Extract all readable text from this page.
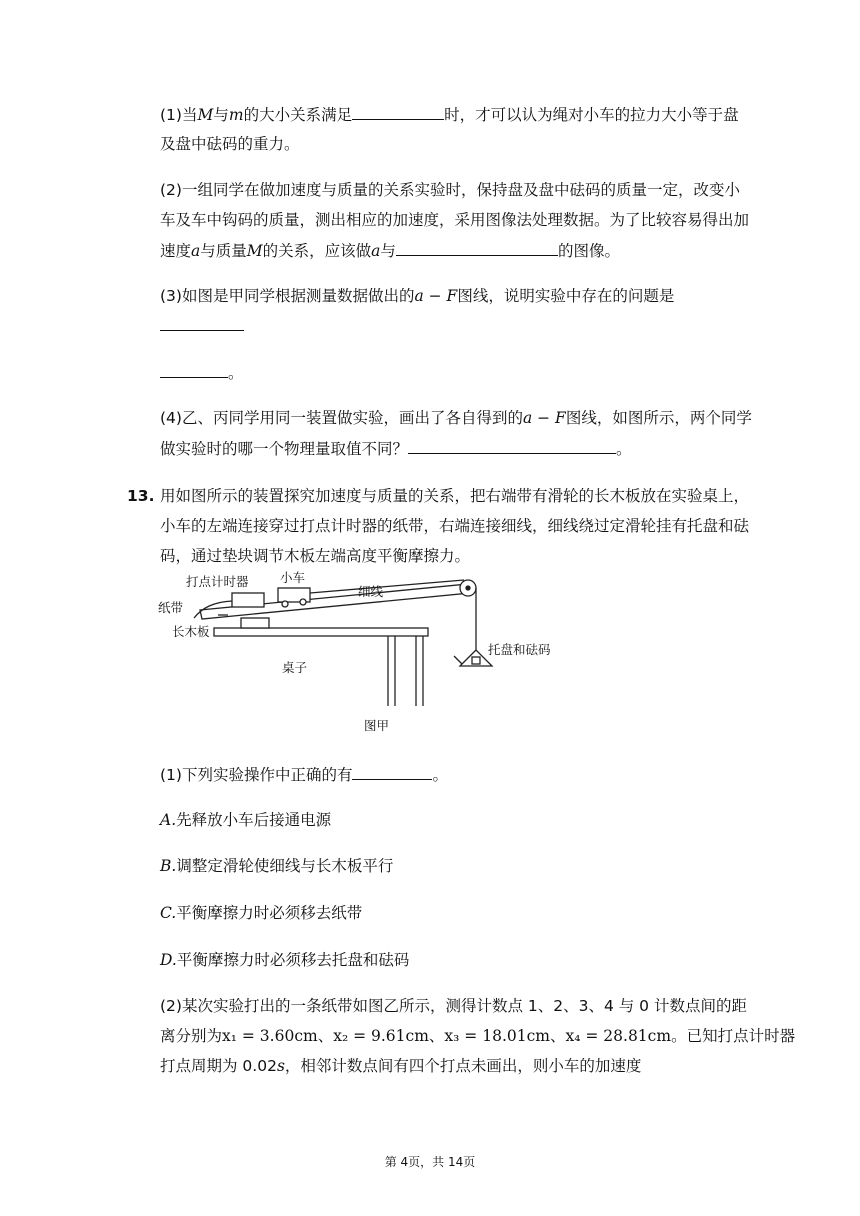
(1)当M与m的大小关系满足	时，才可以认为绳对小车的拉力大小等于盘
及盘中砝码的重力。
(2)一组同学在做加速度与质量的关系实验时，保持盘及盘中砝码的质量一定，改变小
车及车中钩码的质量，测出相应的加速度，采用图像法处理数据。为了比较容易得出加
速度a与质量M的关系，应该做a与	的图像。
(3)如图是甲同学根据测量数据做出的a − F图线，说明实验中存在的问题是
。
(4)乙、丙同学用同一装置做实验，画出了各自得到的a − F图线，如图所示，两个同学
做实验时的哪一个物理量取值不同？	。
13. 用如图所示的装置探究加速度与质量的关系，把右端带有滑轮的长木板放在实验桌上，
小车的左端连接穿过打点计时器的纸带，右端连接细线，细线绕过定滑轮挂有托盘和砝
码，通过垫块调节木板左端高度平衡摩擦力。
打点计时器	小车
细线
纸带
长木板
托盘和砝码
桌子
图甲
(1)下列实验操作中正确的有	。
A.先释放小车后接通电源
B.调整定滑轮使细线与长木板平行
C.平衡摩擦力时必须移去纸带
D.平衡摩擦力时必须移去托盘和砝码
(2)某次实验打出的一条纸带如图乙所示，测得计数点 1、2、3、4 与 0 计数点间的距
离分别为x₁ = 3.60cm、x₂ = 9.61cm、x₃ = 18.01cm、x₄ = 28.81cm。已知打点计时器
打点周期为 0.02s，相邻计数点间有四个打点未画出，则小车的加速度
第 4页，共 14页
